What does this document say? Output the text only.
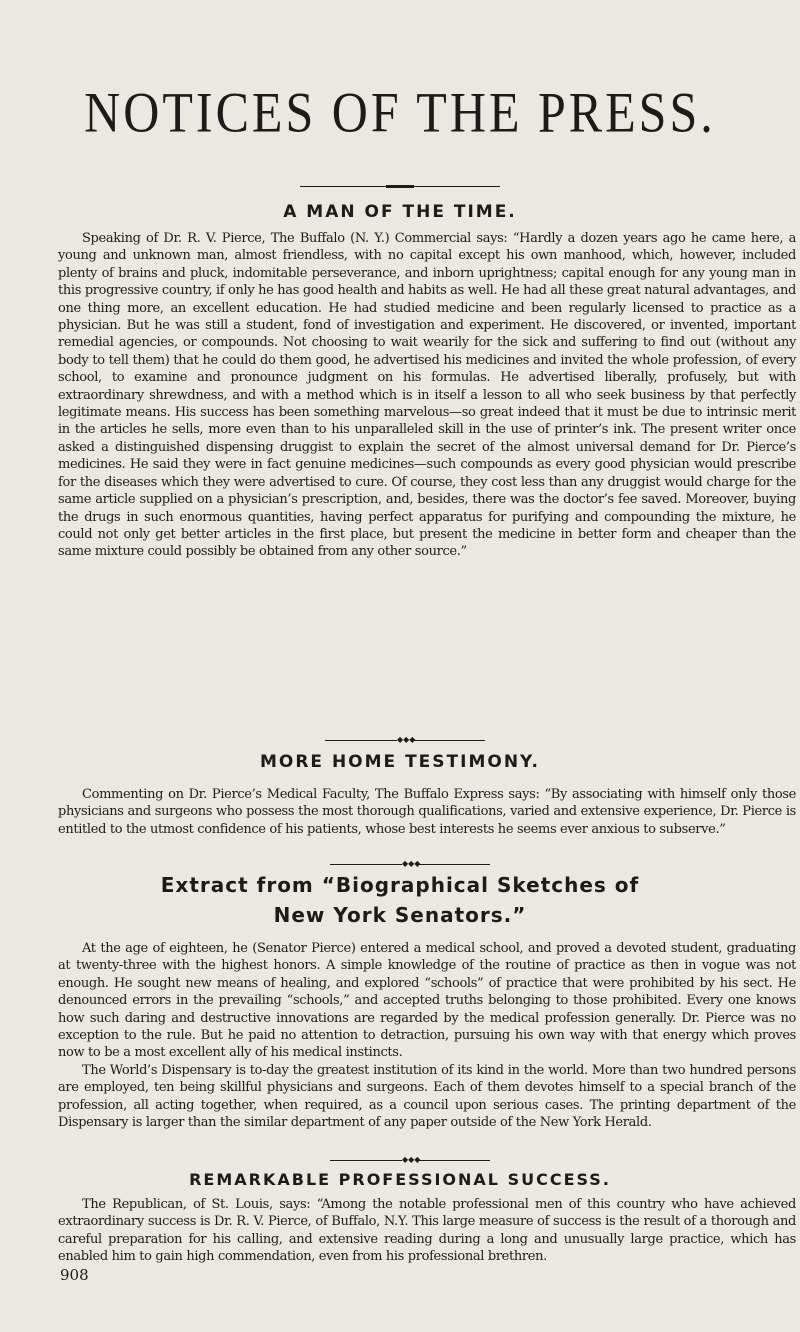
NOTICES OF THE PRESS.
A MAN OF THE TIME.
Speaking of Dr. R. V. Pierce, The Buffalo (N. Y.) Commercial says: “Hardly a dozen years ago he came here, a young and unknown man, almost friendless, with no capital except his own manhood, which, however, included plenty of brains and pluck, indomitable perseverance, and inborn uprightness; capital enough for any young man in this progressive country, if only he has good health and habits as well. He had all these great natural advantages, and one thing more, an excellent education. He had studied medicine and been regularly licensed to practice as a physician. But he was still a student, fond of investigation and experiment. He discovered, or invented, important remedial agencies, or compounds. Not choosing to wait wearily for the sick and suffering to find out (without any body to tell them) that he could do them good, he advertised his medicines and invited the whole profession, of every school, to examine and pronounce judgment on his formulas. He advertised liberally, profusely, but with extraordinary shrewdness, and with a method which is in itself a lesson to all who seek business by that perfectly legitimate means. His success has been something marvelous—so great indeed that it must be due to intrinsic merit in the articles he sells, more even than to his unparalleled skill in the use of printer’s ink. The present writer once asked a distinguished dispensing druggist to explain the secret of the almost universal demand for Dr. Pierce’s medicines. He said they were in fact genuine medicines—such compounds as every good physician would prescribe for the diseases which they were advertised to cure. Of course, they cost less than any druggist would charge for the same article supplied on a physician’s prescription, and, besides, there was the doctor’s fee saved. Moreover, buying the drugs in such enormous quantities, having perfect apparatus for purifying and compounding the mixture, he could not only get better articles in the first place, but present the medicine in better form and cheaper than the same mixture could possibly be obtained from any other source.”
◆◆◆
MORE HOME TESTIMONY.
Commenting on Dr. Pierce’s Medical Faculty, The Buffalo Express says: “By associating with himself only those physicians and surgeons who possess the most thorough qualifications, varied and extensive experience, Dr. Pierce is entitled to the utmost confidence of his patients, whose best interests he seems ever anxious to subserve.”
◆◆◆
Extract from “Biographical Sketches of
New York Senators.”
At the age of eighteen, he (Senator Pierce) entered a medical school, and proved a devoted student, graduating at twenty-three with the highest honors. A simple knowledge of the routine of practice as then in vogue was not enough. He sought new means of healing, and explored “schools” of practice that were prohibited by his sect. He denounced errors in the prevailing “schools,” and accepted truths belonging to those prohibited. Every one knows how such daring and destructive innovations are regarded by the medical profession generally. Dr. Pierce was no exception to the rule. But he paid no attention to detraction, pursuing his own way with that energy which proves now to be a most excellent ally of his medical instincts.
The World’s Dispensary is to-day the greatest institution of its kind in the world. More than two hundred persons are employed, ten being skillful physicians and surgeons. Each of them devotes himself to a special branch of the profession, all acting together, when required, as a council upon serious cases. The printing department of the Dispensary is larger than the similar department of any paper outside of the New York Herald.
◆◆◆
REMARKABLE PROFESSIONAL SUCCESS.
The Republican, of St. Louis, says: “Among the notable professional men of this country who have achieved extraordinary success is Dr. R. V. Pierce, of Buffalo, N.Y. This large measure of success is the result of a thorough and careful preparation for his calling, and extensive reading during a long and unusually large practice, which has enabled him to gain high commendation, even from his professional brethren.
908
